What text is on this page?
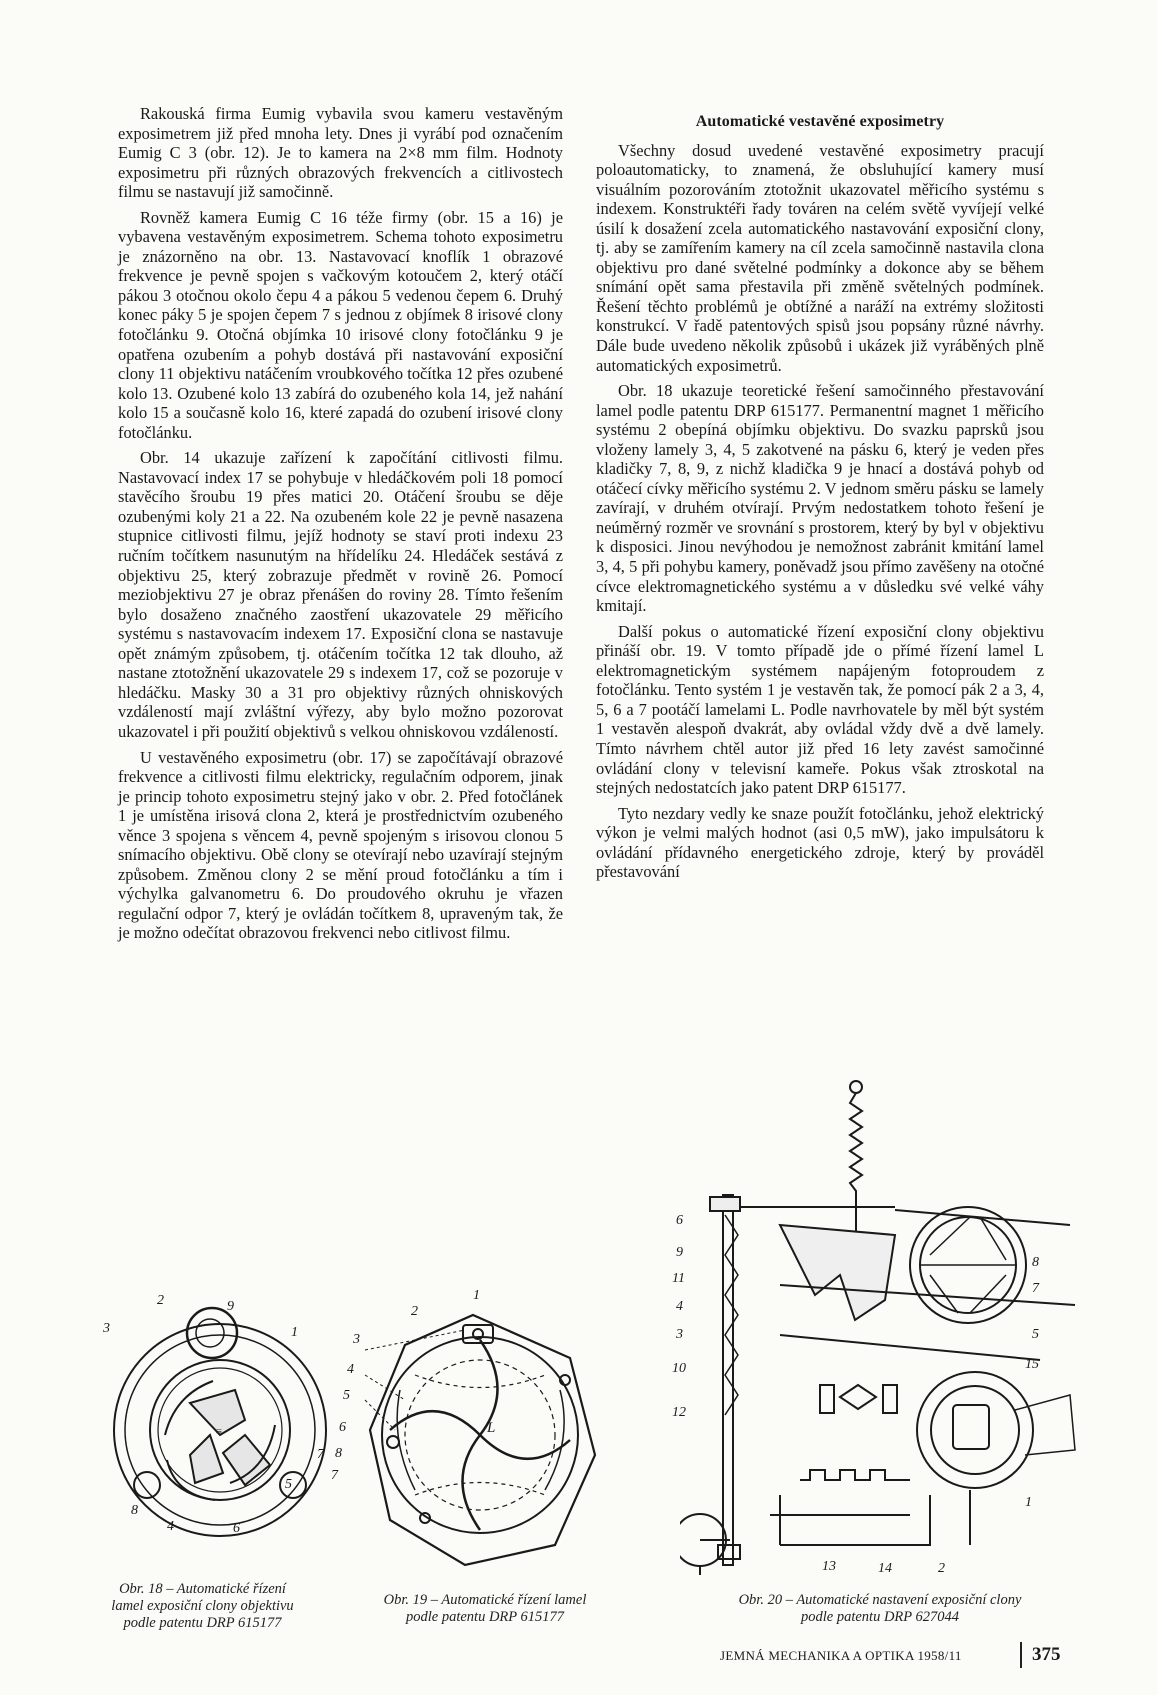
Rakouská firma Eumig vybavila svou kameru vestavěným exposimetrem již před mnoha lety. Dnes ji vyrábí pod označením Eumig C 3 (obr. 12). Je to kamera na 2×8 mm film. Hodnoty exposimetru při různých obrazových frekvencích a citlivostech filmu se nastavují již samočinně.

Rovněž kamera Eumig C 16 téže firmy (obr. 15 a 16) je vybavena vestavěným exposimetrem. Schema tohoto exposimetru je znázorněno na obr. 13. Nastavovací knoflík 1 obrazové frekvence je pevně spojen s vačkovým kotoučem 2, který otáčí pákou 3 otočnou okolo čepu 4 a pákou 5 vedenou čepem 6. Druhý konec páky 5 je spojen čepem 7 s jednou z objímek 8 irisové clony fotočlánku 9. Otočná objímka 10 irisové clony fotočlánku 9 je opatřena ozubením a pohyb dostává při nastavování exposiční clony 11 objektivu natáčením vroubkového točítka 12 přes ozubené kolo 13. Ozubené kolo 13 zabírá do ozubeného kola 14, jež nahání kolo 15 a současně kolo 16, které zapadá do ozubení irisové clony fotočlánku.

Obr. 14 ukazuje zařízení k započítání citlivosti filmu. Nastavovací index 17 se pohybuje v hledáčkovém poli 18 pomocí stavěcího šroubu 19 přes matici 20. Otáčení šroubu se děje ozubenými koly 21 a 22. Na ozubeném kole 22 je pevně nasazena stupnice citlivosti filmu, jejíž hodnoty se staví proti indexu 23 ručním točítkem nasunutým na hřídelíku 24. Hledáček sestává z objektivu 25, který zobrazuje předmět v rovině 26. Pomocí meziobjektivu 27 je obraz přenášen do roviny 28. Tímto řešením bylo dosaženo značného zaostření ukazovatele 29 měřicího systému s nastavovacím indexem 17. Exposiční clona se nastavuje opět známým způsobem, tj. otáčením točítka 12 tak dlouho, až nastane ztotožnění ukazovatele 29 s indexem 17, což se pozoruje v hledáčku. Masky 30 a 31 pro objektivy různých ohniskových vzdáleností mají zvláštní výřezy, aby bylo možno pozorovat ukazovatel i při použití objektivů s velkou ohniskovou vzdáleností.

U vestavěného exposimetru (obr. 17) se započítávají obrazové frekvence a citlivosti filmu elektricky, regulačním odporem, jinak je princip tohoto exposimetru stejný jako v obr. 2. Před fotočlánek 1 je umístěna irisová clona 2, která je prostřednictvím ozubeného věnce 3 spojena s věncem 4, pevně spojeným s irisovou clonou 5 snímacího objektivu. Obě clony se otevírají nebo uzavírají stejným způsobem. Změnou clony 2 se mění proud fotočlánku a tím i výchylka galvanometru 6. Do proudového okruhu je vřazen regulační odpor 7, který je ovládán točítkem 8, upraveným tak, že je možno odečítat obrazovou frekvenci nebo citlivost filmu.

Automatické vestavěné exposimetry

Všechny dosud uvedené vestavěné exposimetry pracují poloautomaticky, to znamená, že obsluhující kamery musí visuálním pozorováním ztotožnit ukazovatel měřicího systému s indexem. Konstruktéři řady továren na celém světě vyvíjejí velké úsilí k dosažení zcela automatického nastavování exposiční clony, tj. aby se zamířením kamery na cíl zcela samočinně nastavila clona objektivu pro dané světelné podmínky a dokonce aby se během snímání opět sama přestavila při změně světelných podmínek. Řešení těchto problémů je obtížné a naráží na extrémy složitosti konstrukcí. V řadě patentových spisů jsou popsány různé návrhy. Dále bude uvedeno několik způsobů i ukázek již vyráběných plně automatických exposimetrů.

Obr. 18 ukazuje teoretické řešení samočinného přestavování lamel podle patentu DRP 615177. Permanentní magnet 1 měřicího systému 2 obepíná objímku objektivu. Do svazku paprsků jsou vloženy lamely 3, 4, 5 zakotvené na pásku 6, který je veden přes kladičky 7, 8, 9, z nichž kladička 9 je hnací a dostává pohyb od otáčecí cívky měřicího systému 2. V jednom směru pásku se lamely zavírají, v druhém otvírají. Prvým nedostatkem tohoto řešení je neúměrný rozměr ve srovnání s prostorem, který by byl v objektivu k disposici. Jinou nevýhodou je nemožnost zabránit kmitání lamel 3, 4, 5 při pohybu kamery, poněvadž jsou přímo zavěšeny na otočné cívce elektromagnetického systému a v důsledku své velké váhy kmitají.

Další pokus o automatické řízení exposiční clony objektivu přináší obr. 19. V tomto případě jde o přímé řízení lamel L elektromagnetickým systémem napájeným fotoproudem z fotočlánku. Tento systém 1 je vestavěn tak, že pomocí pák 2 a 3, 4, 5, 6 a 7 pootáčí lamelami L. Podle navrhovatele by měl být systém 1 vestavěn alespoň dvakrát, aby ovládal vždy dvě a dvě lamely. Tímto návrhem chtěl autor již před 16 lety zavést samočinné ovládání clony v televisní kameře. Pokus však ztroskotal na stejných nedostatcích jako patent DRP 615177.

Tyto nezdary vedly ke snaze použít fotočlánku, jehož elektrický výkon je velmi malých hodnot (asi 0,5 mW), jako impulsátoru k ovládání přídavného energetického zdroje, který by prováděl přestavování

≡
2	9
3	1
7
5
8
4	6
Obr. 18 – Automatické řízení
lamel exposiční clony objektivu
podle patentu DRP 615177
1
2
3
4
5
6
8
7
L
Obr. 19 – Automatické řízení lamel
podle patentu DRP 615177
6
9
11
4
3
10
12
8
7
5
15
1
13	14	2
Obr. 20 – Automatické nastavení exposiční clony
podle patentu DRP 627044
JEMNÁ MECHANIKA A OPTIKA 1958/11	375
